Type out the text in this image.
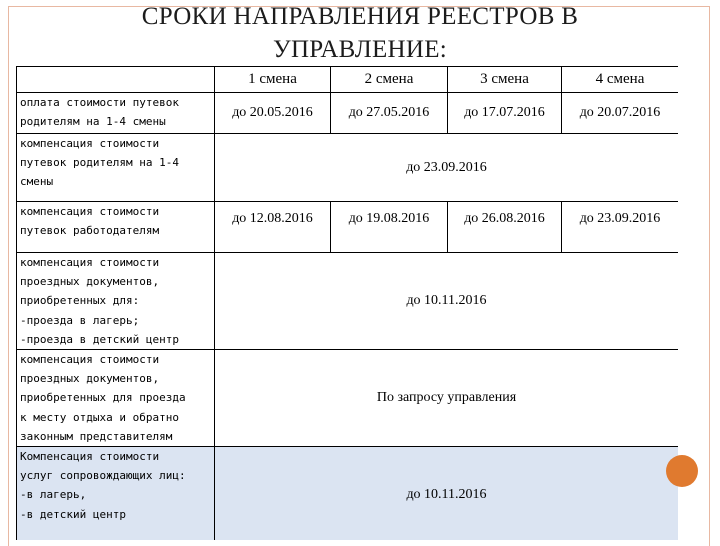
СРОКИ НАПРАВЛЕНИЯ РЕЕСТРОВ В
УПРАВЛЕНИЕ:
	1 смена	2 смена	3 смена	4 смена
оплата стоимости путевок
родителям на 1-4 смены	до 20.05.2016	до 27.05.2016	до 17.07.2016	до 20.07.2016
компенсация стоимости
путевок родителям на 1-4
смены	до 23.09.2016			
компенсация стоимости
путевок работодателям	до 12.08.2016	до 19.08.2016	до 26.08.2016	до 23.09.2016
компенсация стоимости
проездных документов,
приобретенных для:
-проезда в лагерь;
-проезда в детский центр	до 10.11.2016			
компенсация стоимости
проездных документов,
приобретенных для проезда
к месту отдыха и обратно
законным представителям	По запросу управления			
Компенсация стоимости
услуг сопровождающих лиц:
-в лагерь,
-в детский центр	до 10.11.2016			
